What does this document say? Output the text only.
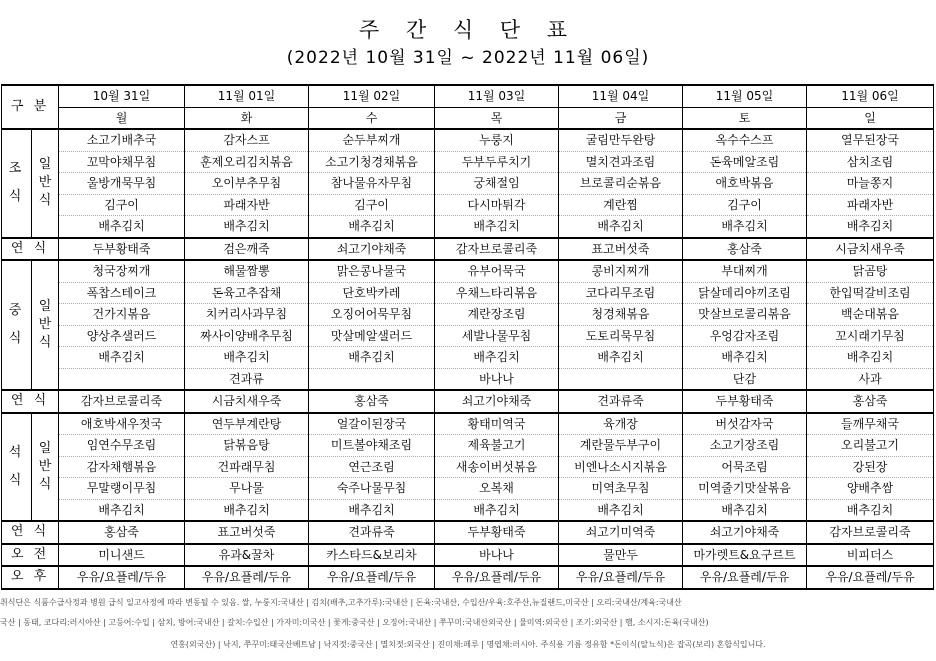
주 간 식 단 표
(2022년 10월 31일 ~ 2022년 11월 06일)
구 분		10월 31일	11월 01일	11월 02일	11월 03일	11월 04일	11월 05일	11월 06일
		월	화	수	목	금	토	일
조

식	일
반
식	소고기배추국	감자스프	순두부찌개	누룽지	굴림만두완탕	옥수수스프	열무된장국
		꼬막야채무침	훈제오리김치볶음	소고기청경채볶음	두부두루치기	멸치견과조림	돈육메알조림	삼치조림
		울방개묵무침	오이부추무침	참나물유자무침	궁채절임	브로콜리순볶음	애호박볶음	마늘쫑지
		김구이	파래자반	김구이	다시마튀각	계란찜	김구이	파래자반
		배추김치	배추김치	배추김치	배추김치	배추김치	배추김치	배추김치
연 식		두부황태죽	검은깨죽	쇠고기야채죽	감자브로콜리죽	표고버섯죽	홍삼죽	시금치새우죽
중

식	일
반
식	청국장찌개	해물짬뽕	맑은콩나물국	유부어묵국	콩비지찌개	부대찌개	닭곰탕
		폭찹스테이크	돈육고추잡채	단호박카레	우채느타리볶음	코다리무조림	닭살데리야끼조림	한입떡갈비조림
		건가지볶음	치커리사과무침	오징어어묵무침	계란장조림	청경채볶음	맛살브로콜리볶음	백순대볶음
		양상추샐러드	짜사이양배추무침	맛살메알샐러드	세발나물무침	도토리묵무침	우엉감자조림	꼬시래기무침
		배추김치	배추김치	배추김치	배추김치	배추김치	배추김치	배추김치
			견과류		바나나		단감	사과
연 식		감자브로콜리죽	시금치새우죽	홍삼죽	쇠고기야채죽	견과류죽	두부황태죽	홍삼죽
석

식	일
반
식	애호박새우젓국	연두부계란탕	얼갈이된장국	황태미역국	육개장	버섯감자국	들깨무채국
		임연수무조림	닭볶음탕	미트볼야채조림	제육불고기	계란물두부구이	소고기장조림	오리불고기
		감자채햄볶음	건파래무침	연근조림	새송이버섯볶음	비엔나소시지볶음	어묵조림	강된장
		무말랭이무침	무나물	숙주나물무침	오복채	미역초무침	미역줄기맛살볶음	양배추쌈
		배추김치	배추김치	배추김치	배추김치	배추김치	배추김치	배추김치
연 식		홍삼죽	표고버섯죽	견과류죽	두부황태죽	쇠고기미역죽	쇠고기야채죽	감자브로콜리죽
오 전		미니샌드	유과&꿀차	카스타드&보리차	바나나	물만두	마가렛트&요구르트	비피더스
오 후		우유/요플레/두유	우유/요플레/두유	우유/요플레/두유	우유/요플레/두유	우유/요플레/두유	우유/요플레/두유	우유/요플레/두유
취식단은 식품수급사정과 병원 급식 일고사정에 따라 변동될 수 있음. 쌀, 누룽지:국내산 | 김치(배추,고추가루):국내산 | 돈육:국내산, 수입산/우육:호주산,뉴질랜드,미국산 | 오리:국내산/계육:국내산
국산 | 동태, 코다리:러시아산 | 고등어:수입 | 삼치, 방어:국내산 | 갈치:수입산 | 가자미:미국산 | 꽃게:중국산 | 오징어:국내산 | 쭈꾸미:국내산외국산 | 물미역:외국산 | 조기:외국산 | 햄, 소시지:돈육(국내산)
연홍(외국산) | 낙지, 쭈꾸미:태국산베트남 | 낙지젓:중국산 | 멸치젓:외국산 | 진미채:페루 | 명엽채:러시아. 주식용 기름 정유함 *돈이식(알뇨식)은 잡곡(보리) 혼합식입니다.
